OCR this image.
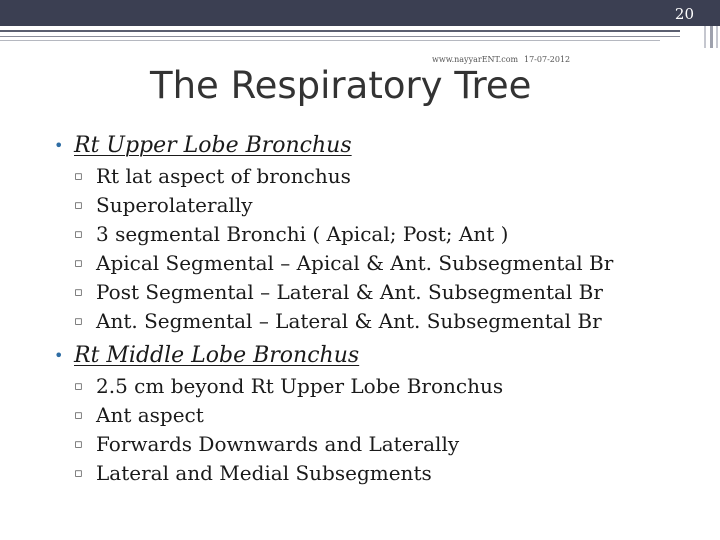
20
www.nayyarENT.com 17-07-2012
The Respiratory Tree
• Rt Upper Lobe Bronchus
▫ Rt lat aspect of bronchus
▫ Superolaterally
▫ 3 segmental Bronchi ( Apical; Post; Ant )
▫ Apical Segmental – Apical & Ant. Subsegmental Br
▫ Post Segmental – Lateral & Ant. Subsegmental Br
▫ Ant. Segmental – Lateral & Ant. Subsegmental Br
• Rt Middle Lobe Bronchus
▫ 2.5 cm beyond Rt Upper Lobe Bronchus
▫ Ant aspect
▫ Forwards Downwards and Laterally
▫ Lateral and Medial Subsegments
